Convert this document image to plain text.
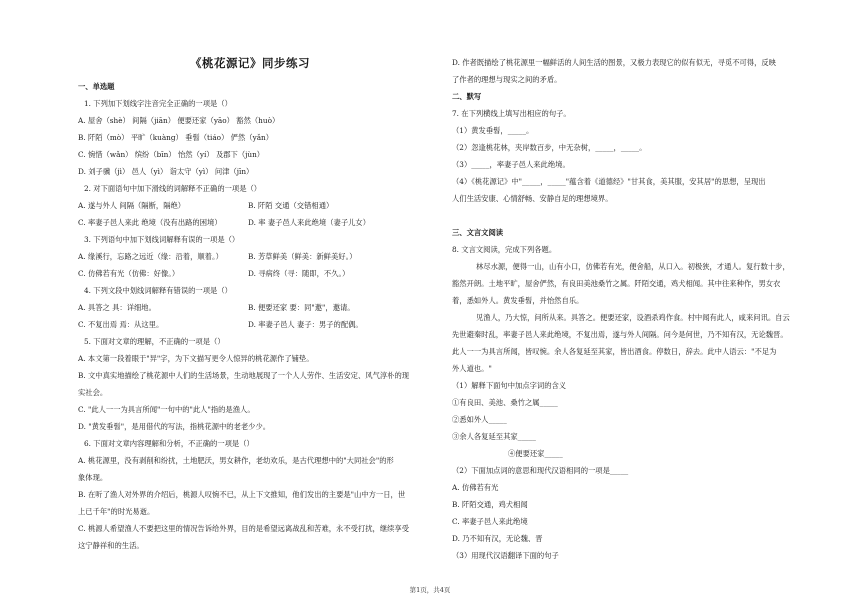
《桃花源记》同步练习
一、单选题
1. 下列加下划线字注音完全正确的一项是（）
A. 屋舍（shè） 间隔（jiān） 便要还家（yāo） 豁然（huò）
B. 阡陌（mò） 平旷（kuàng） 垂髫（tiáo） 俨然（yǎn）
C. 惋惜（wǎn） 缤纷（bīn） 怡然（yí） 及郡下（jùn）
D. 刘子骥（jì） 邑人（yì） 诣太守（yì） 问津（jīn）
2. 对下面语句中加下滑线的词解释不正确的一项是（）
A. 遂与外人 间隔（隔断，隔绝）	B. 阡陌 交通（交错相通）
C. 率妻子邑人来此 绝境（没有出路的困境）	D. 率 妻子邑人来此绝境（妻子儿女）
3. 下列语句中加下划线词解释有误的一项是（）
A. 缘溪行，忘路之远近（缘：沿着，顺着。）	B. 芳草鲜美（鲜美：新鲜美好。）
C. 仿佛若有光（仿佛：好像。）	D. 寻病终（寻：随即，不久。）
4. 下列文段中划线词解释有错误的一项是（）
A. 具答之 具：详细地。	B. 便要还家 要：同"邀"，邀请。
C. 不复出焉 焉：从这里。	D. 率妻子邑人 妻子：男子的配偶。
5. 下面对文章的理解，不正确的一项是（）
A. 本文第一段着眼于"异"字，为下文描写更令人惊异的桃花源作了铺垫。
B. 文中真实地描绘了桃花源中人们的生活场景，生动地展现了一个人人劳作、生活安定、风气淳朴的现
实社会。
C. "此人一一为具言所闻"一句中的"此人"指的是渔人。
D. "黄发垂髫"，是用借代的写法，指桃花源中的老老少少。
6. 下面对文章内容理解和分析，不正确的一项是（）
A. 桃花源里，没有剥削和纷扰，土地肥沃，男女耕作，老幼欢乐，是古代理想中的"大同社会"的形
象体现。
B. 在听了渔人对外界的介绍后，桃源人叹惋不已，从上下文推知，他们发出的主要是"山中方一日，世
上已千年"的时光易逝。
C. 桃源人希望渔人不要把这里的情况告诉给外界，目的是希望远离战乱和苦难，永不受打扰，继续享受
这宁静祥和的生活。
D. 作者既描绘了桃花源里一幅鲜活的人间生活的图景，又极力表现它的似有似无，寻觅不可得，反映
了作者的理想与现实之间的矛盾。
二、默写
7. 在下列横线上填写出相应的句子。
（1）黄发垂髫，_____。
（2）忽逢桃花林，夹岸数百步，中无杂树，_____，_____。
（3）_____，率妻子邑人来此绝境。
（4）《桃花源记》中"_____，_____"蕴含着《道德经》"甘其食，美其服，安其居"的思想，呈现出
人们生活安康、心情舒畅、安静自足的理想境界。
三、文言文阅读
8. 文言文阅读，完成下列各题。
林尽水源，便得一山，山有小口，仿佛若有光，便舍船，从口入。初极狭，才通人。复行数十步，
豁然开朗。土地平旷，屋舍俨然，有良田美池桑竹之属。阡陌交通，鸡犬相闻。其中往来种作，男女衣
着，悉如外人。黄发垂髫，并怡然自乐。
见渔人，乃大惊，问所从来。具答之。便要还家，设酒杀鸡作食。村中闻有此人，咸来问讯。自云
先世避秦时乱，率妻子邑人来此绝境，不复出焉，遂与外人间隔。问今是何世，乃不知有汉，无论魏晋。
此人一一为具言所闻，皆叹惋。余人各复延至其家，皆出酒食。停数日，辞去。此中人语云："不足为
外人道也。"
（1）解释下面句中加点字词的含义
①有良田、美池、桑竹之属_____
②悉如外人_____
③余人各复延至其家_____
④便要还家_____
（2）下面加点词的意思和现代汉语相同的一项是_____
A. 仿佛若有光
B. 阡陌交通，鸡犬相闻
C. 率妻子邑人来此绝境
D. 乃不知有汉，无论魏、晋
（3）用现代汉语翻译下面的句子
第1页，共4页
